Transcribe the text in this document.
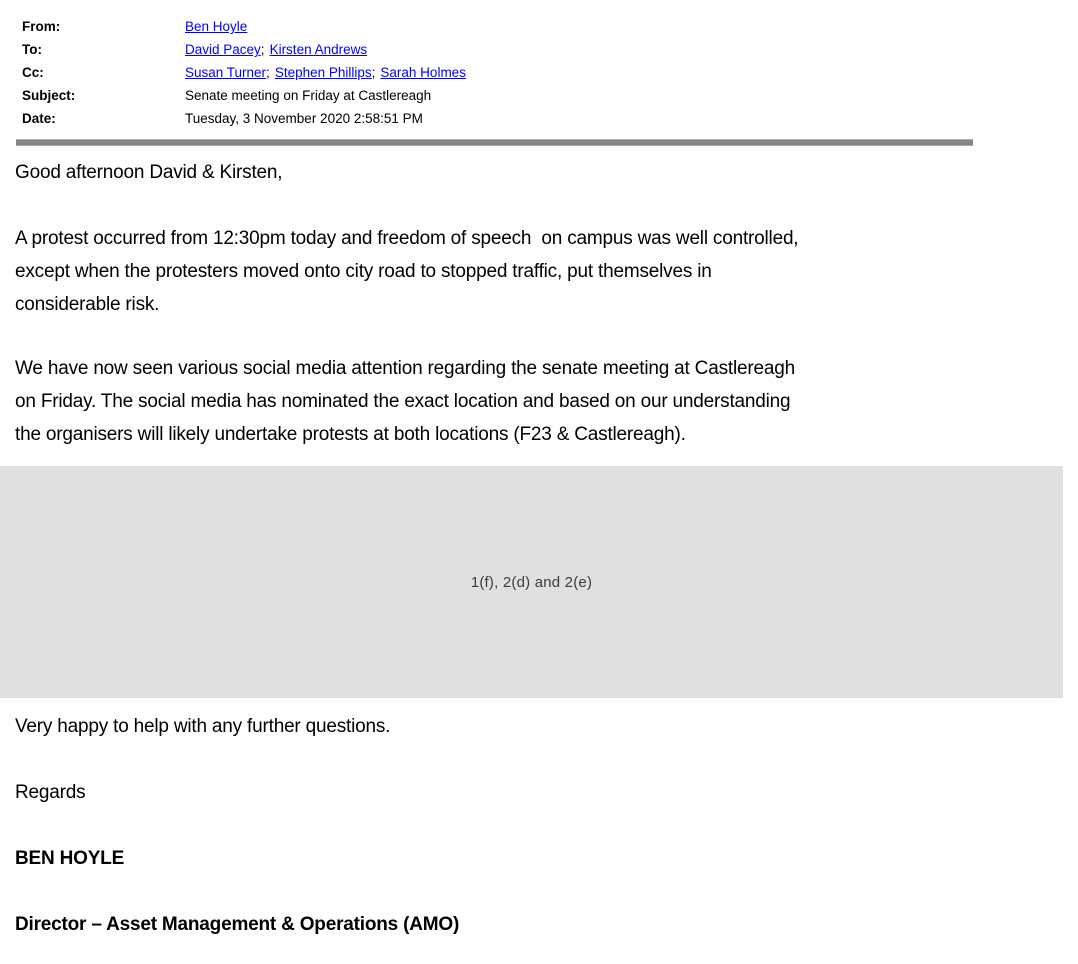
From:	Ben Hoyle
To:	David Pacey; Kirsten Andrews
Cc:	Susan Turner; Stephen Phillips; Sarah Holmes
Subject:	Senate meeting on Friday at Castlereagh
Date:	Tuesday, 3 November 2020 2:58:51 PM
Good afternoon David & Kirsten,
A protest occurred from 12:30pm today and freedom of speech  on campus was well controlled,
except when the protesters moved onto city road to stopped traffic, put themselves in
considerable risk.
We have now seen various social media attention regarding the senate meeting at Castlereagh
on Friday. The social media has nominated the exact location and based on our understanding
the organisers will likely undertake protests at both locations (F23 & Castlereagh).
1(f), 2(d) and 2(e)
Very happy to help with any further questions.
Regards
BEN HOYLE
Director – Asset Management & Operations (AMO)
